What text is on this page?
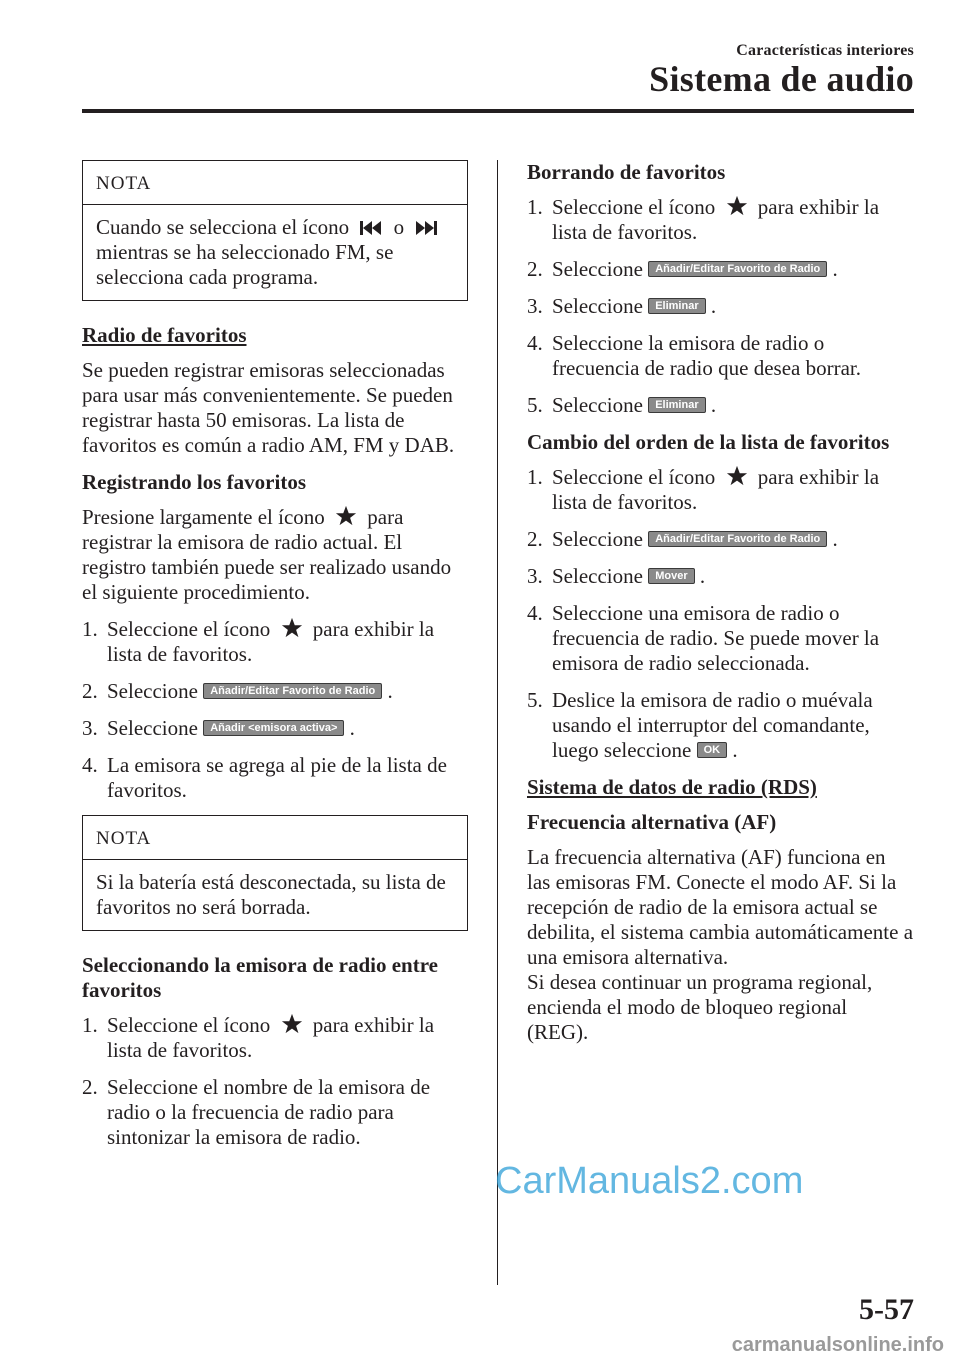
Características interiores
Sistema de audio
NOTA
Cuando se selecciona el ícono o  mientras se ha seleccionado FM, se selecciona cada programa.

Radio de favoritos

Se pueden registrar emisoras seleccionadas para usar más convenientemente. Se pueden registrar hasta 50 emisoras. La lista de favoritos es común a radio AM, FM y DAB.

Registrando los favoritos

Presione largamente el ícono para registrar la emisora de radio actual. El registro también puede ser realizado usando el siguiente procedimiento.

1. Seleccione el ícono para exhibir la lista de favoritos.
2. Seleccione Añadir/Editar Favorito de Radio .
3. Seleccione Añadir <emisora activa> .
4. La emisora se agrega al pie de la lista de favoritos.
NOTA
Si la batería está desconectada, su lista de favoritos no será borrada.

Seleccionando la emisora de radio entre favoritos

1. Seleccione el ícono para exhibir la lista de favoritos.
2. Seleccione el nombre de la emisora de radio o la frecuencia de radio para sintonizar la emisora de radio.

Borrando de favoritos

1. Seleccione el ícono para exhibir la lista de favoritos.
2. Seleccione Añadir/Editar Favorito de Radio .
3. Seleccione Eliminar .
4. Seleccione la emisora de radio o frecuencia de radio que desea borrar.
5. Seleccione Eliminar .

Cambio del orden de la lista de favoritos

1. Seleccione el ícono para exhibir la lista de favoritos.
2. Seleccione Añadir/Editar Favorito de Radio .
3. Seleccione Mover .
4. Seleccione una emisora de radio o frecuencia de radio. Se puede mover la emisora de radio seleccionada.
5. Deslice la emisora de radio o muévala usando el interruptor del comandante, luego seleccione OK .

Sistema de datos de radio (RDS)

Frecuencia alternativa (AF)

La frecuencia alternativa (AF) funciona en las emisoras FM. Conecte el modo AF. Si la recepción de radio de la emisora actual se debilita, el sistema cambia automáticamente a una emisora alternativa.

Si desea continuar un programa regional, encienda el modo de bloqueo regional (REG).

CarManuals2.com
5-57
carmanualsonline.info
